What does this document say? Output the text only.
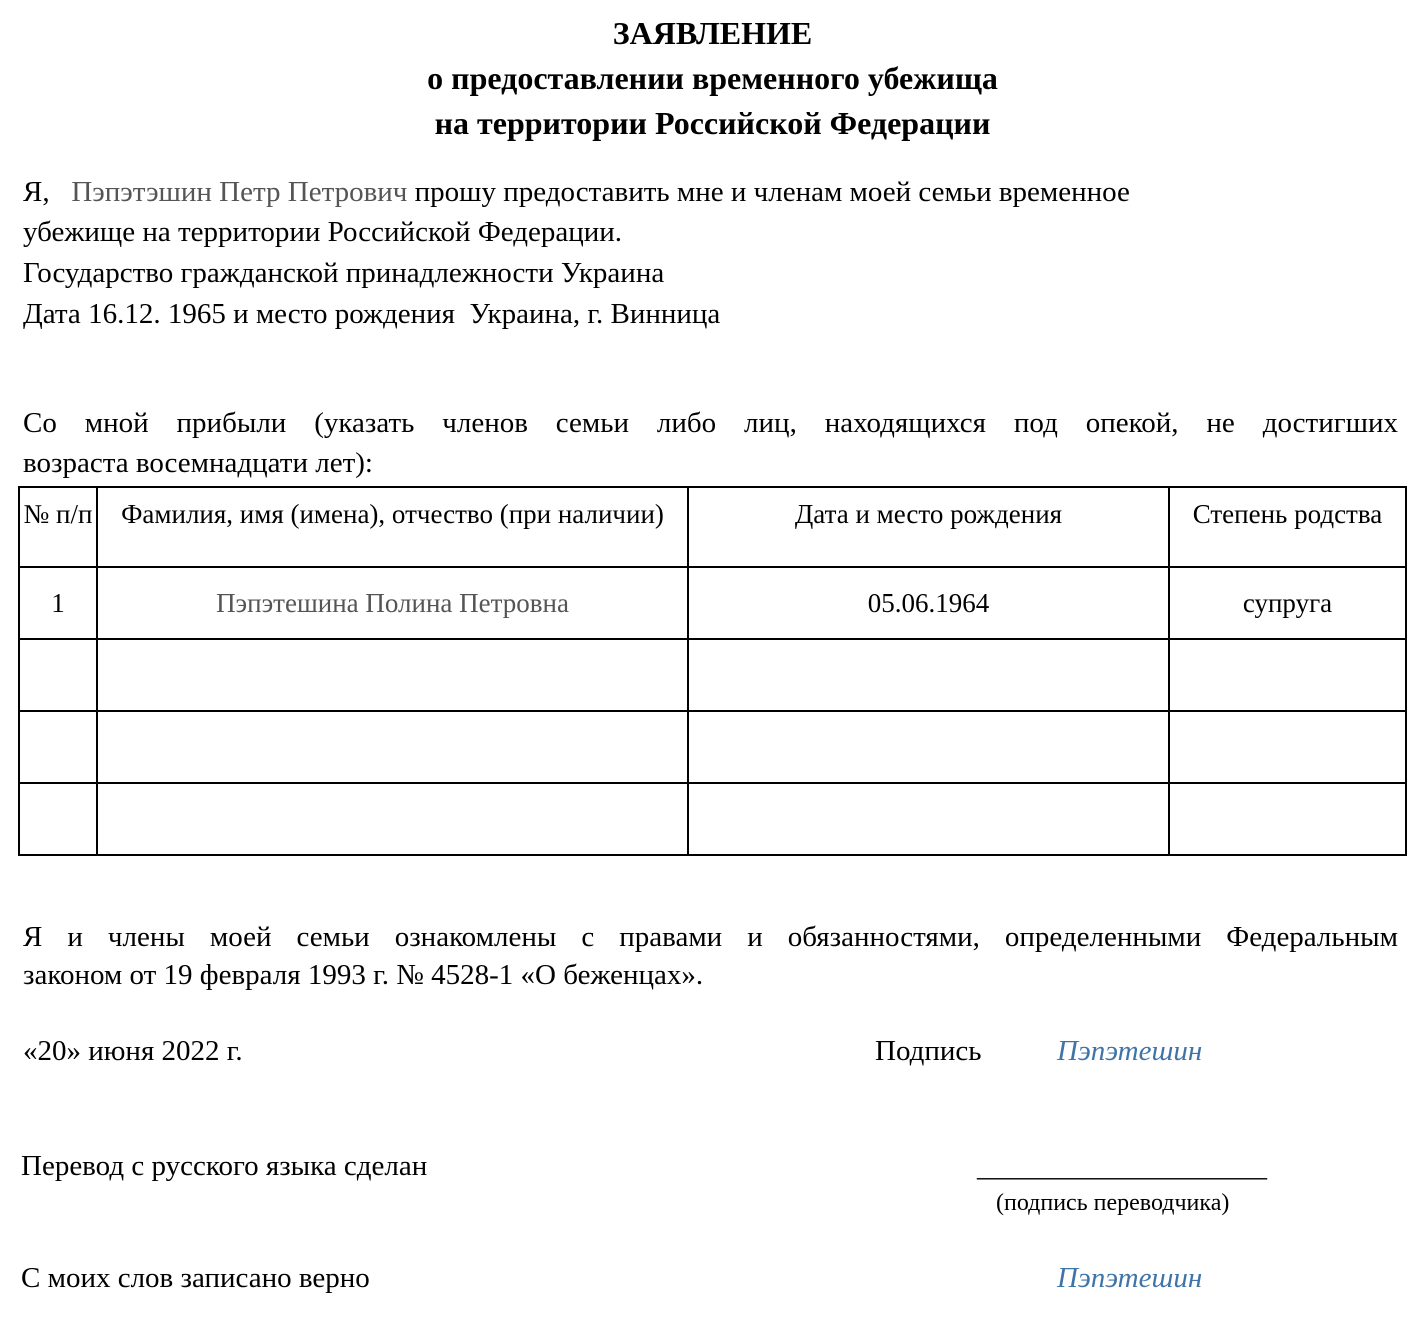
ЗАЯВЛЕНИЕ
о предоставлении временного убежища
на территории Российской Федерации
Я, Пэпэтэшин Петр Петрович прошу предоставить мне и членам моей семьи временное
убежище на территории Российской Федерации.
Государство гражданской принадлежности Украина
Дата 16.12. 1965 и место рождения Украина, г. Винница
Со мной прибыли (указать членов семьи либо лиц, находящихся под опекой, не достигших
возраста восемнадцати лет):
№ п/п	Фамилия, имя (имена), отчество (при наличии)	Дата и место рождения	Степень родства
1	Пэпэтешина Полина Петровна	05.06.1964	супруга

Я и члены моей семьи ознакомлены с правами и обязанностями, определенными Федеральным
законом от 19 февраля 1993 г. № 4528-1 «О беженцах».
«20» июня 2022 г.	Подпись	Пэпэтешин
Перевод с русского языка сделан	____________________
(подпись переводчика)
С моих слов записано верно	Пэпэтешин
